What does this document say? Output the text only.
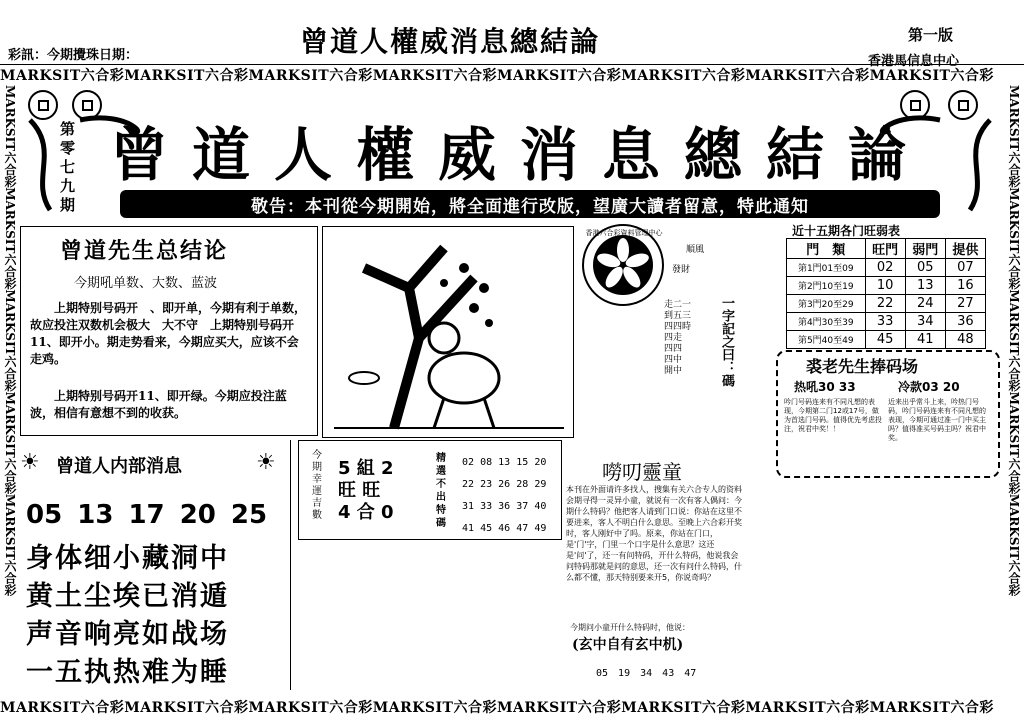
彩訊：今期攪珠日期：	曾道人權威消息總結論	第一版
香港馬信息中心
MARKSIT六合彩MARKSIT六合彩MARKSIT六合彩MARKSIT六合彩MARKSIT六合彩MARKSIT六合彩MARKSIT六合彩MARKSIT六合彩
MARKSIT六合彩MARKSIT六合彩MARKSIT六合彩MARKSIT六合彩MARKSIT六合彩MARKSIT六合彩MARKSIT六合彩MARKSIT六合彩
MARKSIT六合彩MARKSIT六合彩MARKSIT六合彩MARKSIT六合彩MARKSIT六合彩	MARKSIT六合彩MARKSIT六合彩MARKSIT六合彩MARKSIT六合彩MARKSIT六合彩
第零七九期
曾道人權威消息總結論
敬告：本刊從今期開始，將全面進行改版，望廣大讀者留意，特此通知
曾道先生总结论
今期吼单数、大数、蓝波
上期特别号码开　、即开单，今期有利于单数，故应投注双数机会极大　大不守　上期特别号码开11、即开小。期走势看来，今期应买大，应该不会走鸡。
上期特别号码开11、即开绿。今期应投注蓝波，相信有意想不到的收获。
香港六合彩資料管理中心
順風
發財
一字記之曰：碼
走二一
到五三
四四時
四走
四四
四中
開中
近十五期各门旺弱表
門　類	旺門	弱門	提供
第1門01至09	02	05	07
第2門10至19	10	13	16
第3門20至29	22	24	27
第4門30至39	33	34	36
第5門40至49	45	41	48
裘老先生捧码场
热吼30 33	冷款03 20
吟门号码连来有不同凡想的表现，今期第二门12或17号，做为首选门号码。值得优先考虑投注，祝君中奖！！
近来出乎常斗上来，吟热门号码，吟门号码连来有不同凡想的表现，今期可通过准一门中买主吗？值得准买号码主吗？祝君中奖。
☀ 曾道人内部消息	☀
05 13 17 20 25
身体细小藏洞中
黄土尘埃已消遁
声音响亮如战场
一五执热难为睡
今期幸運吉數
5 組 2
旺 旺
4 合 0
精選不出特碼
02 08 13 15 20
22 23 26 28 29
31 33 36 37 40
41 45 46 47 49
嘮叨靈童
本刊在外面请许多找人，搜集有关六合专人的资料会期寻得一灵异小童，就说有一次有客人偶问：今期什么特码？他把客人请到门口说：你站在这里不要进来，客人不明白什么意思。至晚上六合彩开奖时，客人刚好中了吗。原来，你站在门口，是'门'字，门里一个口字是什么意思？这还是'问'了，还一有问特码，开什么特码，他说我会问特码那就是问的意思，还一次有问什么特码，什么都不懂，那天特别要来开5，你说奇吗？
今期问小童开什么特码时，他说：
(玄中自有玄中机)
05 19 34 43 47
